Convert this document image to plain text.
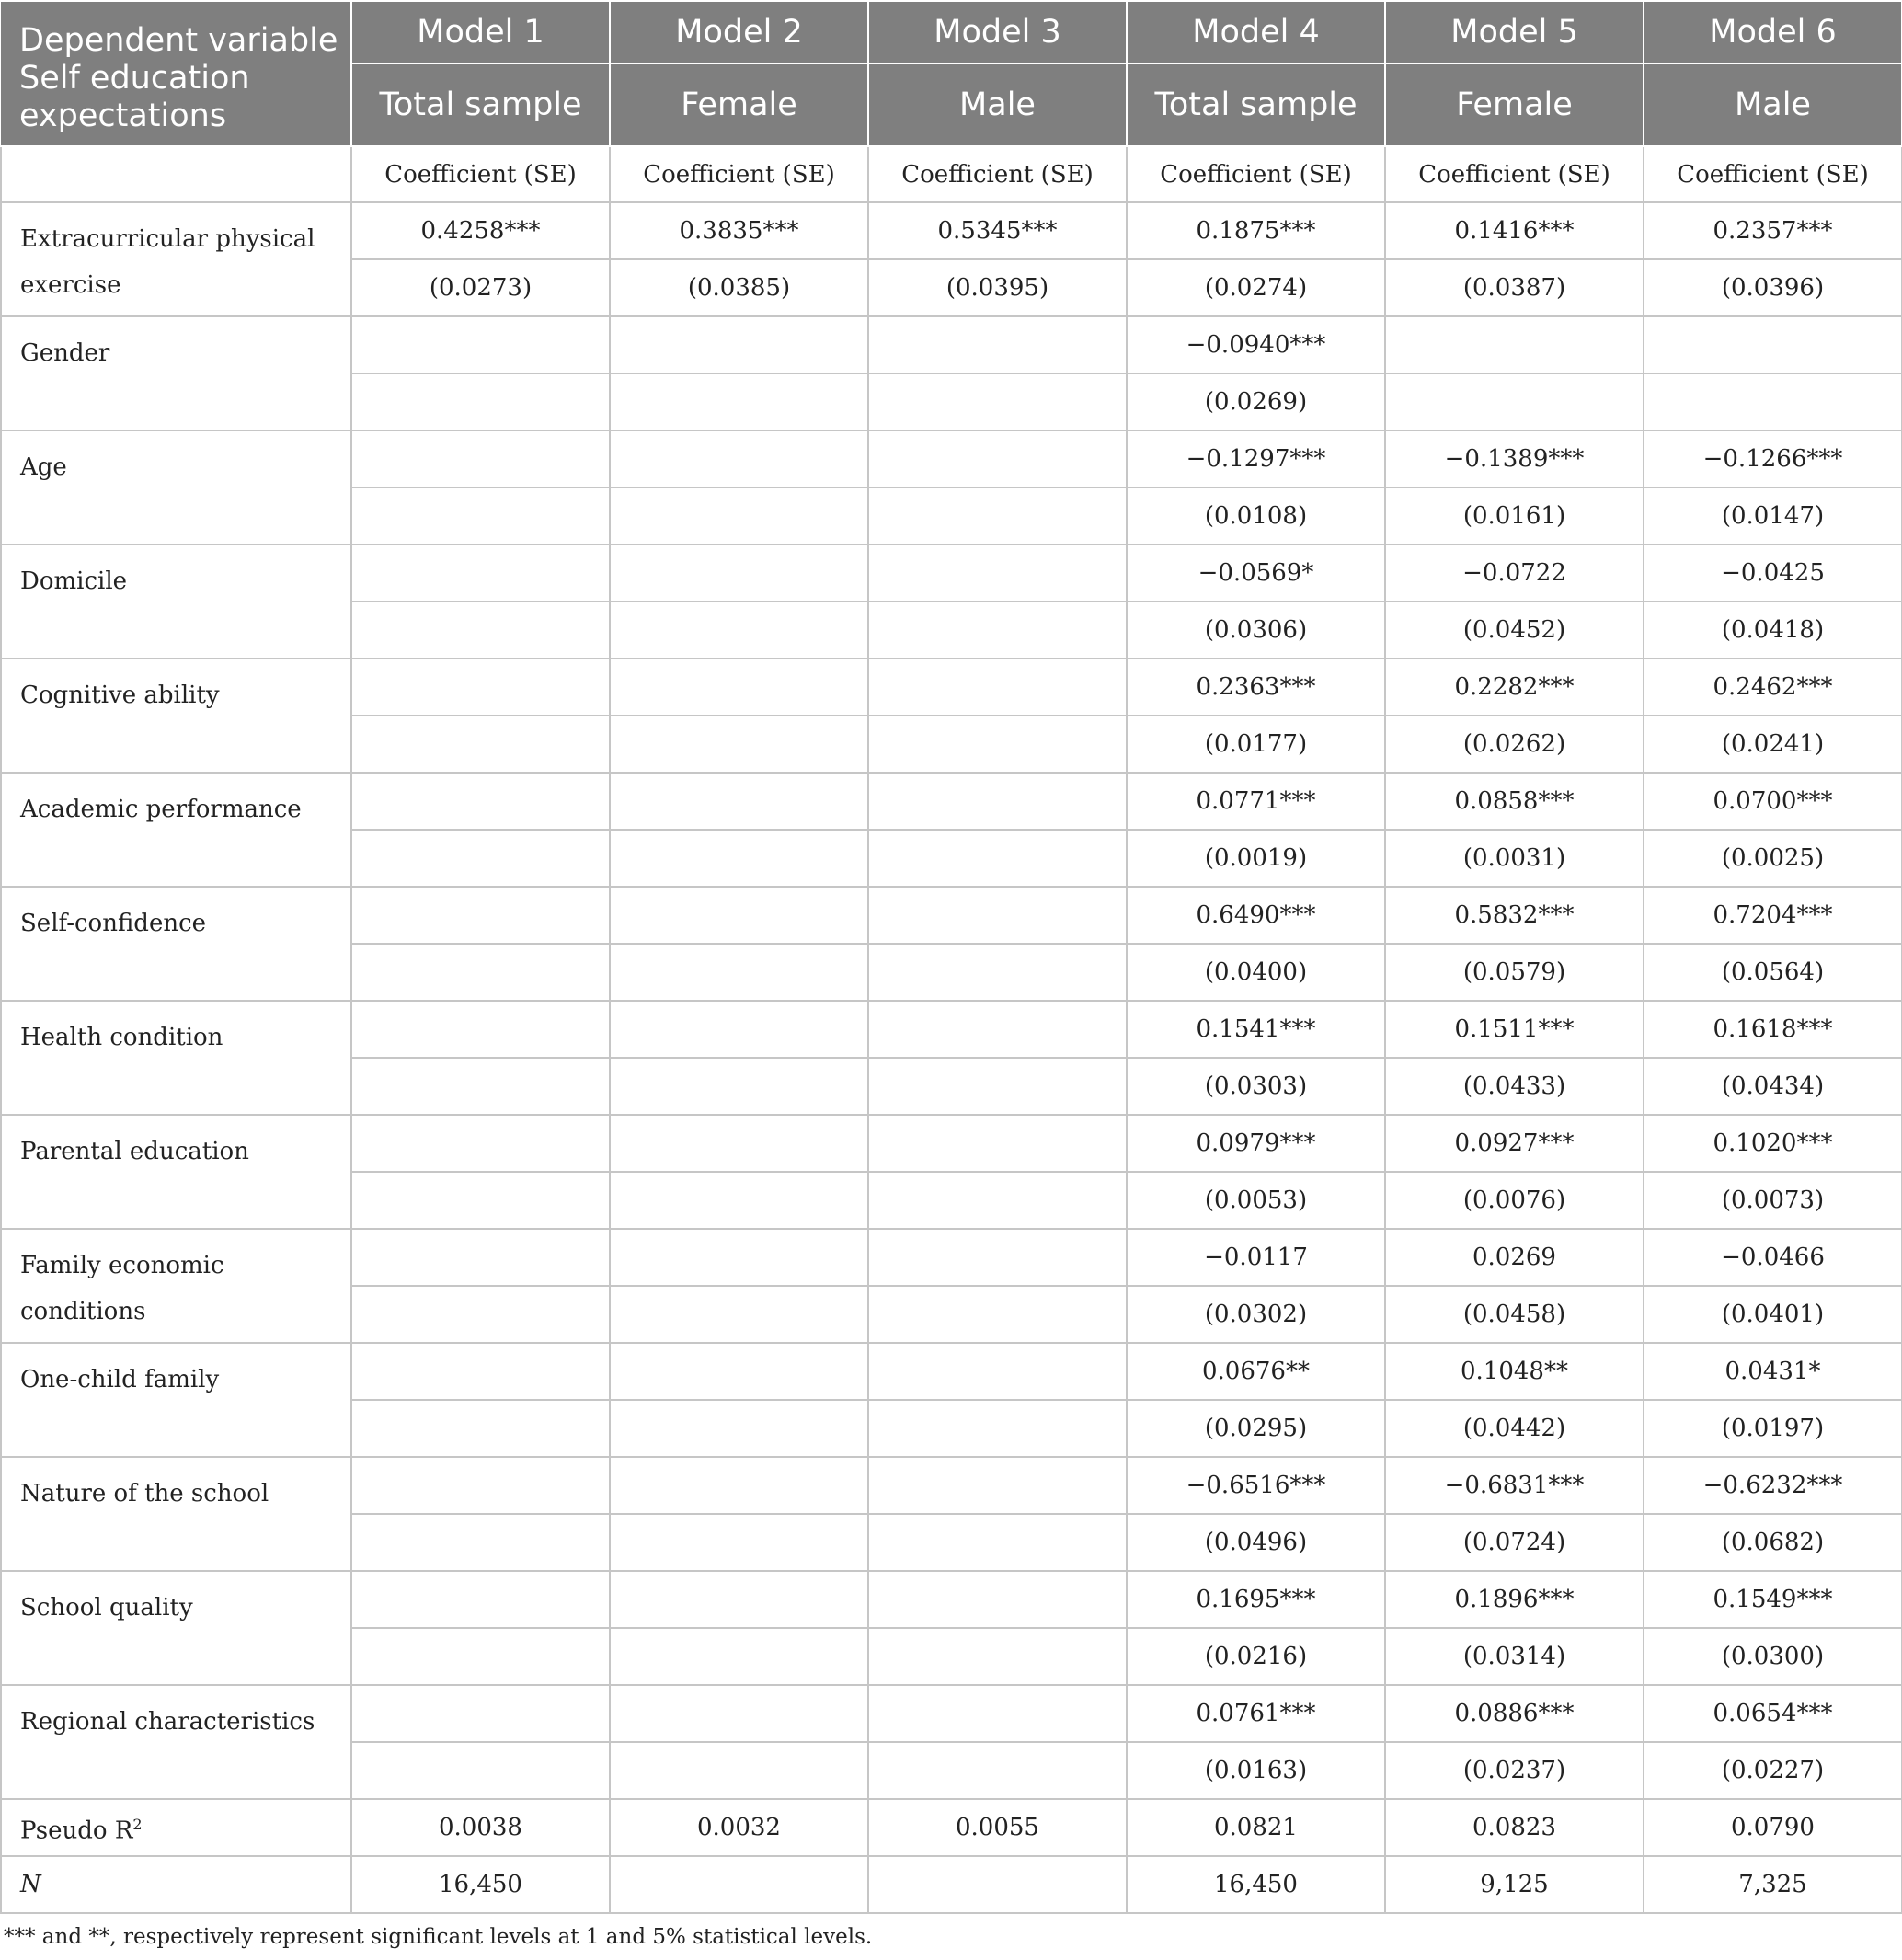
Dependent variable Self education expectations	Model 1	Model 2	Model 3	Model 4	Model 5	Model 6
	Total sample	Female	Male	Total sample	Female	Male
	Coefficient (SE)	Coefficient (SE)	Coefficient (SE)	Coefficient (SE)	Coefficient (SE)	Coefficient (SE)
Extracurricular physical exercise	0.4258***	0.3835***	0.5345***	0.1875***	0.1416***	0.2357***
	(0.0273)	(0.0385)	(0.0395)	(0.0274)	(0.0387)	(0.0396)
Gender				−0.0940***		
				(0.0269)		
Age				−0.1297***	−0.1389***	−0.1266***
				(0.0108)	(0.0161)	(0.0147)
Domicile				−0.0569*	−0.0722	−0.0425
				(0.0306)	(0.0452)	(0.0418)
Cognitive ability				0.2363***	0.2282***	0.2462***
				(0.0177)	(0.0262)	(0.0241)
Academic performance				0.0771***	0.0858***	0.0700***
				(0.0019)	(0.0031)	(0.0025)
Self-confidence				0.6490***	0.5832***	0.7204***
				(0.0400)	(0.0579)	(0.0564)
Health condition				0.1541***	0.1511***	0.1618***
				(0.0303)	(0.0433)	(0.0434)
Parental education				0.0979***	0.0927***	0.1020***
				(0.0053)	(0.0076)	(0.0073)
Family economic conditions				−0.0117	0.0269	−0.0466
				(0.0302)	(0.0458)	(0.0401)
One-child family				0.0676**	0.1048**	0.0431*
				(0.0295)	(0.0442)	(0.0197)
Nature of the school				−0.6516***	−0.6831***	−0.6232***
				(0.0496)	(0.0724)	(0.0682)
School quality				0.1695***	0.1896***	0.1549***
				(0.0216)	(0.0314)	(0.0300)
Regional characteristics				0.0761***	0.0886***	0.0654***
				(0.0163)	(0.0237)	(0.0227)
Pseudo $R^2$	0.0038	0.0032	0.0055	0.0821	0.0823	0.0790
N	16,450			16,450	9,125	7,325
*** and **, respectively represent significant levels at 1 and 5% statistical levels.
